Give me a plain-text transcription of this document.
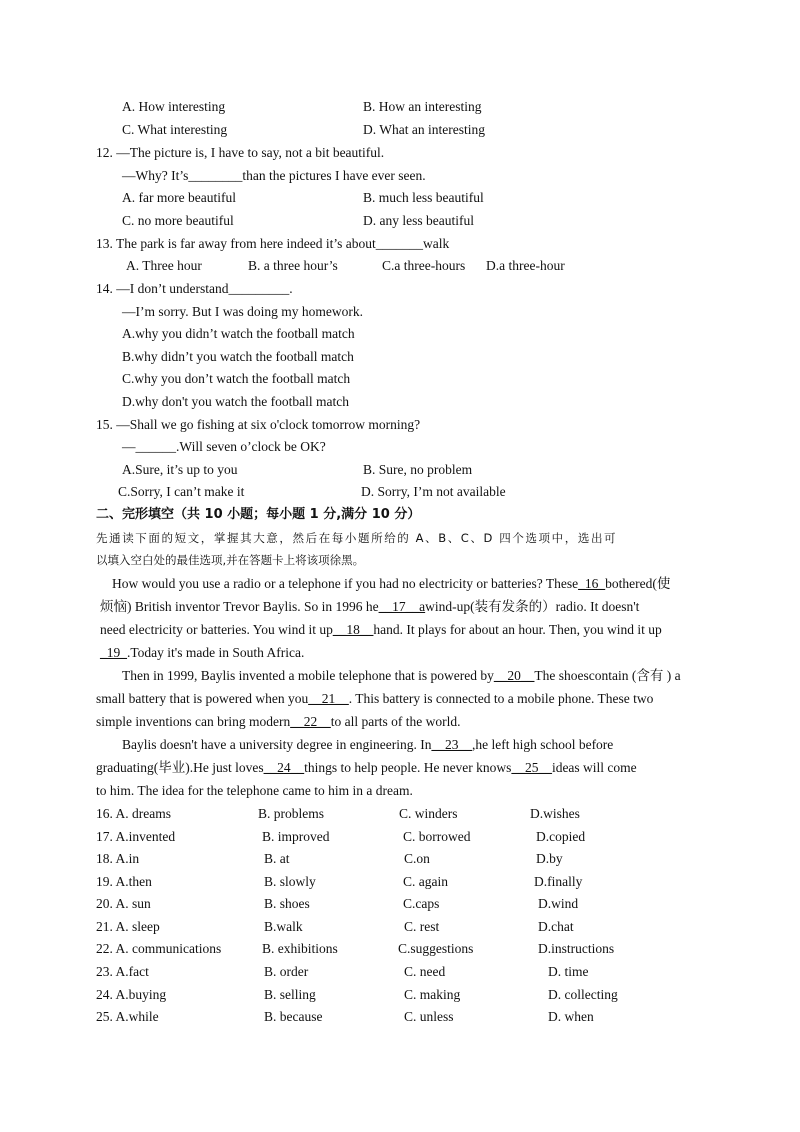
A. How interesting	B. How an interesting
C. What interesting	D. What an interesting
12. —The picture is, I have to say, not a bit beautiful.
—Why? It’s________than the pictures I have ever seen.
A. far more beautiful	B. much less beautiful
C. no more beautiful	D. any less beautiful
13. The park is far away from here indeed it’s about_______walk
A. Three hour	B. a three hour’s	C.a three-hours D.a three-hour
14. —I don’t understand_________.
—I’m sorry. But I was doing my homework.
A.why you didn’t watch the football match
B.why didn’t you watch the football match
C.why you don’t watch the football match
D.why don't you watch the football match
15. —Shall we go fishing at six o'clock tomorrow morning?
—______.Will seven o’clock be OK?
A.Sure, it’s up to you	B. Sure, no problem
C.Sorry, I can’t make it	D. Sorry, I’m not available
二、完形填空（共 10 小题；每小题 1 分,满分 10 分）
先通读下面的短文，掌握其大意，然后在每小题所给的 A、B、C、D 四个选项中，选出可
以填入空白处的最佳选项,并在答题卡上将该项徐黑。
How would you use a radio or a telephone if you had no electricity or batteries? These_16_bothered(使
烦恼) British inventor Trevor Baylis. So in 1996 he__17__awind-up(装有发条的）radio. It doesn't
need electricity or batteries. You wind it up__18__hand. It plays for about an hour. Then, you wind it up
_19_.Today it's made in South Africa.
Then in 1999, Baylis invented a mobile telephone that is powered by__20__The shoescontain (含有 ) a
small battery that is powered when you__21__. This battery is connected to a mobile phone. These two
simple inventions can bring modern__22__to all parts of the world.
Baylis doesn't have a university degree in engineering. In__23__,he left high school before
graduating(毕业).He just loves__24__things to help people. He never knows__25__ideas will come
to him. The idea for the telephone came to him in a dream.
16. A. dreams	B. problems	C. winders	D.wishes
17. A.invented	B. improved	C. borrowed	D.copied
18. A.in	B. at	C.on	D.by
19. A.then	B. slowly	C. again	D.finally
20. A. sun	B. shoes	C.caps	D.wind
21. A. sleep	B.walk	C. rest	D.chat
22. A. communications	B. exhibitions	C.suggestions	D.instructions
23. A.fact	B. order	C. need	D. time
24. A.buying	B. selling	C. making	D. collecting
25. A.while	B. because	C. unless	D. when
